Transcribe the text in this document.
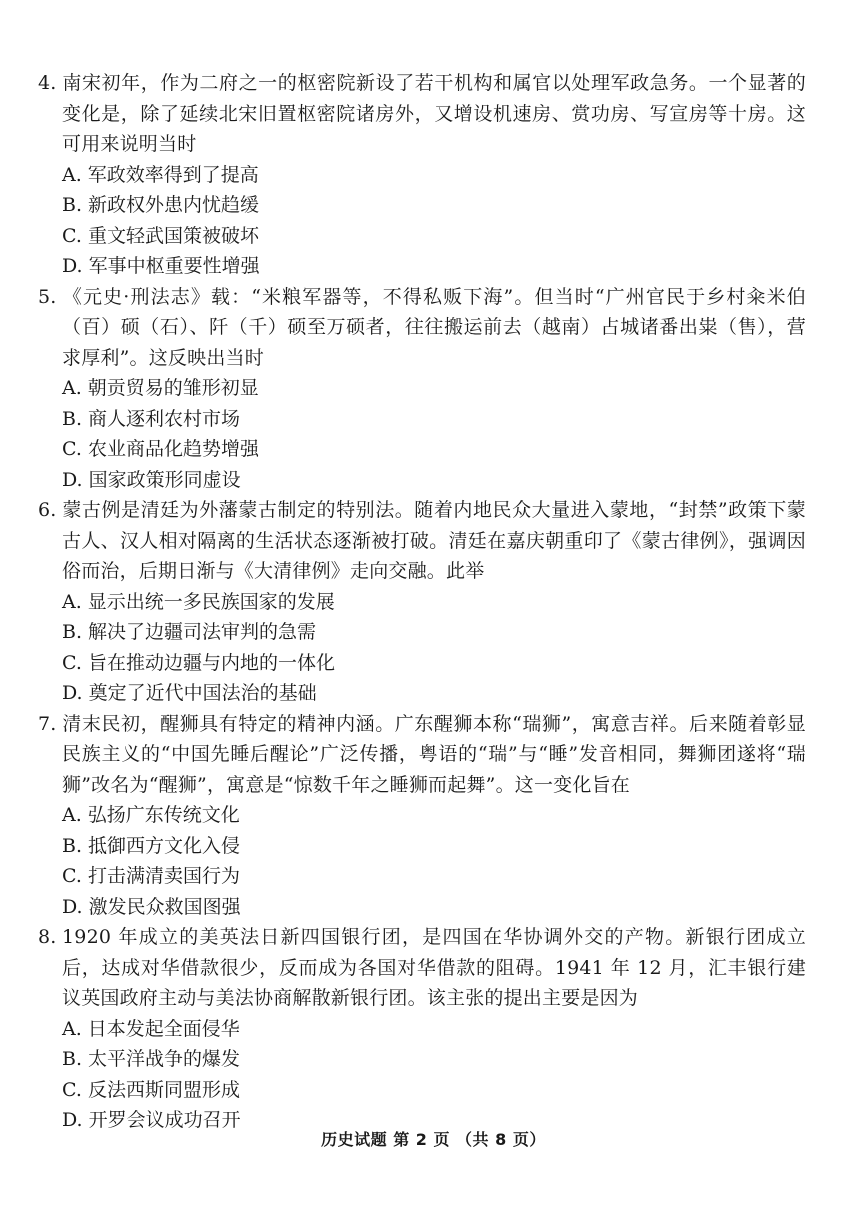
4. 南宋初年，作为二府之一的枢密院新设了若干机构和属官以处理军政急务。一个显著的变化是，除了延续北宋旧置枢密院诸房外，又增设机速房、赏功房、写宣房等十房。这可用来说明当时

A. 军政效率得到了提高

B. 新政权外患内忧趋缓

C. 重文轻武国策被破坏

D. 军事中枢重要性增强

5. 《元史·刑法志》载：“米粮军器等，不得私贩下海”。但当时“广州官民于乡村籴米伯（百）硕（石）、阡（千）硕至万硕者，往往搬运前去（越南）占城诸番出粜（售），营求厚利”。这反映出当时

A. 朝贡贸易的雏形初显

B. 商人逐利农村市场

C. 农业商品化趋势增强

D. 国家政策形同虚设

6. 蒙古例是清廷为外藩蒙古制定的特别法。随着内地民众大量进入蒙地，“封禁”政策下蒙古人、汉人相对隔离的生活状态逐渐被打破。清廷在嘉庆朝重印了《蒙古律例》，强调因俗而治，后期日渐与《大清律例》走向交融。此举

A. 显示出统一多民族国家的发展

B. 解决了边疆司法审判的急需

C. 旨在推动边疆与内地的一体化

D. 奠定了近代中国法治的基础

7. 清末民初，醒狮具有特定的精神内涵。广东醒狮本称“瑞狮”，寓意吉祥。后来随着彰显民族主义的“中国先睡后醒论”广泛传播，粤语的“瑞”与“睡”发音相同，舞狮团遂将“瑞狮”改名为“醒狮”，寓意是“惊数千年之睡狮而起舞”。这一变化旨在

A. 弘扬广东传统文化

B. 抵御西方文化入侵

C. 打击满清卖国行为

D. 激发民众救国图强

8. 1920 年成立的美英法日新四国银行团，是四国在华协调外交的产物。新银行团成立后，达成对华借款很少，反而成为各国对华借款的阻碍。1941 年 12 月，汇丰银行建议英国政府主动与美法协商解散新银行团。该主张的提出主要是因为

A. 日本发起全面侵华

B. 太平洋战争的爆发

C. 反法西斯同盟形成

D. 开罗会议成功召开

历史试题 第 2 页 （共 8 页）
